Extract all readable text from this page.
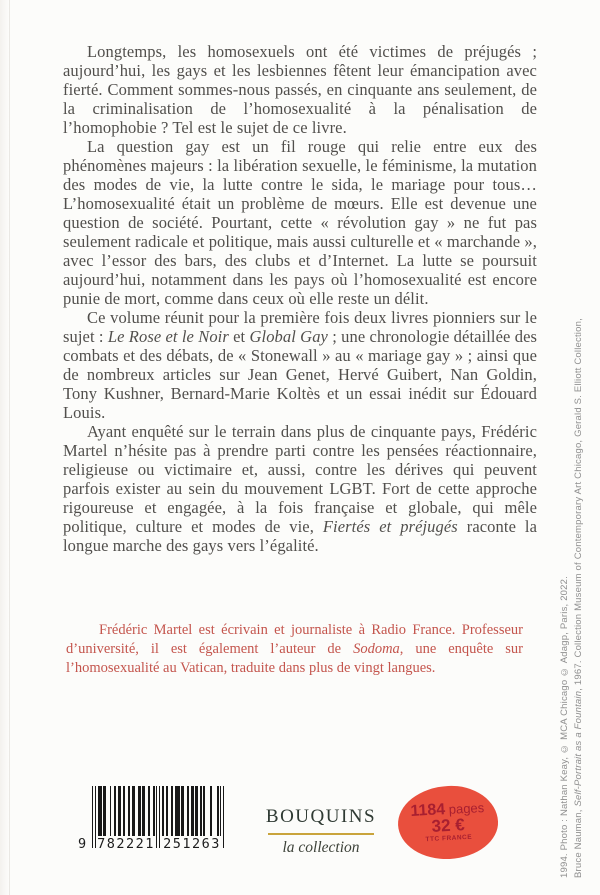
Longtemps, les homosexuels ont été victimes de préjugés ; aujourd’hui, les gays et les lesbiennes fêtent leur émancipation avec fierté. Comment sommes-nous passés, en cinquante ans seulement, de la criminalisation de l’homosexualité à la pénalisation de l’homophobie ? Tel est le sujet de ce livre.

La question gay est un fil rouge qui relie entre eux des phénomènes majeurs : la libération sexuelle, le féminisme, la mutation des modes de vie, la lutte contre le sida, le mariage pour tous… L’homosexualité était un problème de mœurs. Elle est devenue une question de société. Pourtant, cette « révolution gay » ne fut pas seulement radicale et politique, mais aussi culturelle et « marchande », avec l’essor des bars, des clubs et d’Internet. La lutte se poursuit aujourd’hui, notamment dans les pays où l’homosexualité est encore punie de mort, comme dans ceux où elle reste un délit.

Ce volume réunit pour la première fois deux livres pionniers sur le sujet : Le Rose et le Noir et Global Gay ; une chronologie détaillée des combats et des débats, de « Stonewall » au « mariage gay » ; ainsi que de nombreux articles sur Jean Genet, Hervé Guibert, Nan Goldin, Tony Kushner, Bernard-Marie Koltès et un essai inédit sur Édouard Louis.

Ayant enquêté sur le terrain dans plus de cinquante pays, Frédéric Martel n’hésite pas à prendre parti contre les pensées réactionnaire, religieuse ou victimaire et, aussi, contre les dérives qui peuvent parfois exister au sein du mouvement LGBT. Fort de cette approche rigoureuse et engagée, à la fois française et globale, qui mêle politique, culture et modes de vie, Fiertés et préjugés raconte la longue marche des gays vers l’égalité.

Frédéric Martel est écrivain et journaliste à Radio France. Professeur d’université, il est également l’auteur de Sodoma, une enquête sur l’homosexualité au Vatican, traduite dans plus de vingt langues.
9 782221 251263
BOUQUINS
la collection
1184 pages
32 €
TTC FRANCE	Bruce Nauman, Self-Portrait as a Fountain, 1967. Collection Museum of Contemporary Art Chicago, Gerald S. Elliott Collection,
1994. Photo : Nathan Keay, © MCA Chicago © Adagp, Paris, 2022.
